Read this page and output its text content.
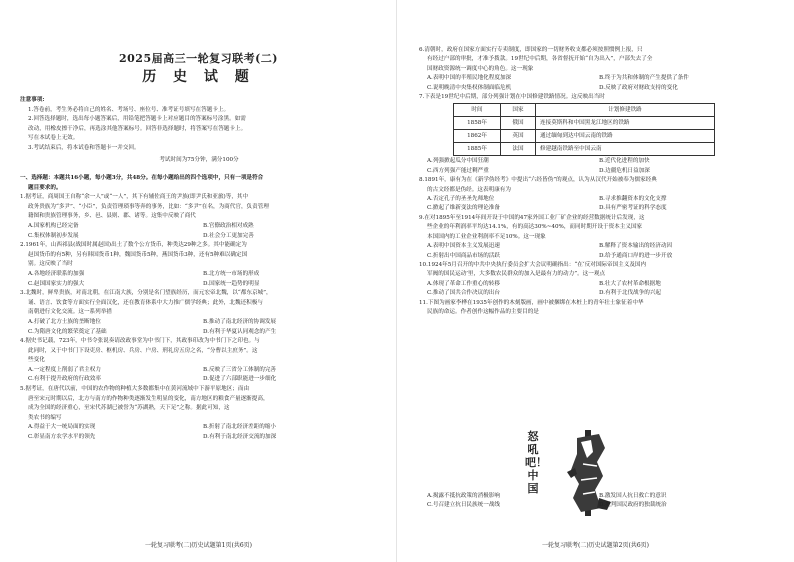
2025届高三一轮复习联考(二)
历 史 试 题
注意事项:
1.答卷前，考生务必将自己的姓名、考场号、座位号、准考证号填写在答题卡上。
2.回答选择题时，选出每小题答案后，用铅笔把答题卡上对应题目的答案标号涂黑。如需
改动，用橡皮擦干净后，再选涂其他答案标号。回答非选择题时，将答案写在答题卡上。
写在本试卷上无效。
3.考试结束后，将本试卷和答题卡一并交回。
考试时间为75分钟，满分100分
一、选择题：本题共16小题，每小题3分，共48分。在每小题给出的四个选项中，只有一项是符合
题目要求的。
1.据考证，商周国王自称“余一人”或“一人”，其下有辅佐商王的尹族(即尹氏和亚旅)等，其中
政务贵族为“多尹”、“小臣”，负责管理琐事等奔的事务，比如：“多尹”在名，为商代官，负责管理
籍图和贵族管理事务，乡、邑、县则、郡、诸等。这集中反映了商代
A.国家机构已经完备	B.官僚政治相对成熟
C.集权体制初步发展	D.社会分工更加完善
2.1961年，山西祁县(战国时属赵国)出土了数个公方货币，种类达29种之多。其中能确定为
赵国货币的有5种，另有韩国货币1种，魏国货币5种，燕国货币3种，还有5种难以确定国
别。这反映了当时
A.各地经济联系的加强	B.北方统一市场的形成
C.赵国国家实力的强大	D.国家统一趋势的明显
3.北魏时，鲜卑贵族，对南北朝，在江南大族，分别是名门望族经历，而元宏帝北魏，以“都东京城”，
诵、语言、饮食等方面实行全面汉化，还在教育体系中大力推广儒学经典；此外，北魏还积极与
南朝进行文化交流。这一系列举措
A.打破了北方士族的垄断地位	B.推动了南北经济的协调发展
C.为隋唐文化的繁荣奠定了基础	D.有利于华夏认同观念的产生
4.据史书记载，723年，中书令张说奏请改政事堂为中书门下，其政事印改为中书门下之印也。与
此同时，又于中书门下设吏房、枢机房、兵房、户房、刑礼房五房之名，“分曹以主庶务”。这
些变化
A.一定程度上削弱了君主权力	B.反映了三省分工体制的完善
C.有利于提升政府的行政效率	D.促进了六部职能进一步细化
5.据考证，在唐代以前，中国的农作物的种植大多数都集中在黄河流域中下游平原地区；而由
唐至宋元时期以后，北方与南方的作物种类逐渐发生明显的变化，南方地区的粮食产量逐渐提高，
成为全国的经济重心，至宋代苏湖已被誉为“苏湖熟，天下足”之称。据此可知，这
类农书的编写
A.得益于大一统局面的实现	B.折射了南北经济差距的缩小
C.彰显南方农学水平的领先	D.有利于南北经济交流的加深
一轮复习联考(二)历史试题第1页(共6页)
6.清朝时，政府在国家方面实行专卖制度，即国家的一切财务收支都必须按照惯例上报，只
有经过户部的审批，才准予拨款。19世纪中后期，各省督抚开始“自为出入”，户部失去了全
国财政资源统一调度中心的角色。这一现象
A.表明中国的半殖民地化程度加深	B.终于为共和体制的产生提供了条件
C.说明晚清中央集权体制面临危机	D.反映了政府对财政支持的变化
7.下表是19世纪中后期，部分列强计划在中国修建铁路情况。这反映出当时
时间	国家	计划修建铁路
1858年	俄国	连接莫斯科和中国黑龙江地区的铁路
1862年	英国	通过缅甸到达中国云南的铁路
1885年	法国	修建越南铁路至中国云南
A.列强掀起瓜分中国狂潮	B.近代化进程的加快
C.西方列强产能过剩严重	D.边疆危机日益加深
8.1891年，康有为在《新学伪经考》中提出“六经皆伪”的观点，认为从汉代开始被奉为儒家经典
的古文经都是伪经。这表明康有为
A.否定孔子的圣圣先师地位	B.寻求推翻资本的文化支撑
C.掀起了维新变法的理论准备	D.具有严密考证的科学态度
9.在对1895年至1914年间开设于中国的47家外国工业厂矿企业的经营数据统计后发现，这
些企业的年利润率平均达14.1%，有的高达30%~40%，而同时期开设于资本主义国家
本国国内的工业企业利润率不足10%。这一现象
A.表明中国资本主义发展迅速	B.解释了资本输出的经济动因
C.折射出中国商品市场的活跃	D.给予通商口岸的进一步开放
10.1924年5月召开的中共中央执行委员会扩大会议明确指出：“在‘反对国际帝国主义及国内
军阀的国民运动’里，大多数农民群众的加入是最有力的动力”。这一观点
A.体现了革命工作重心的转移	B.壮大了农村革命根据地
C.推动了国共合作决议的出台	D.有利于北伐战争的兴起
11.下图为画家李桦在1935年创作的木刻版画，画中被捆绑在木桩上的青年壮士象征着中华
民族的命运。作者创作这幅作品的主要目的是
怒吼吧！中国
A.揭露不抵抗政策的消极影响	B.激发国人抗日救亡的意识
C.号召建立抗日民族统一战线	D.批判国民政府的独裁统治
一轮复习联考(二)历史试题第2页(共6页)
